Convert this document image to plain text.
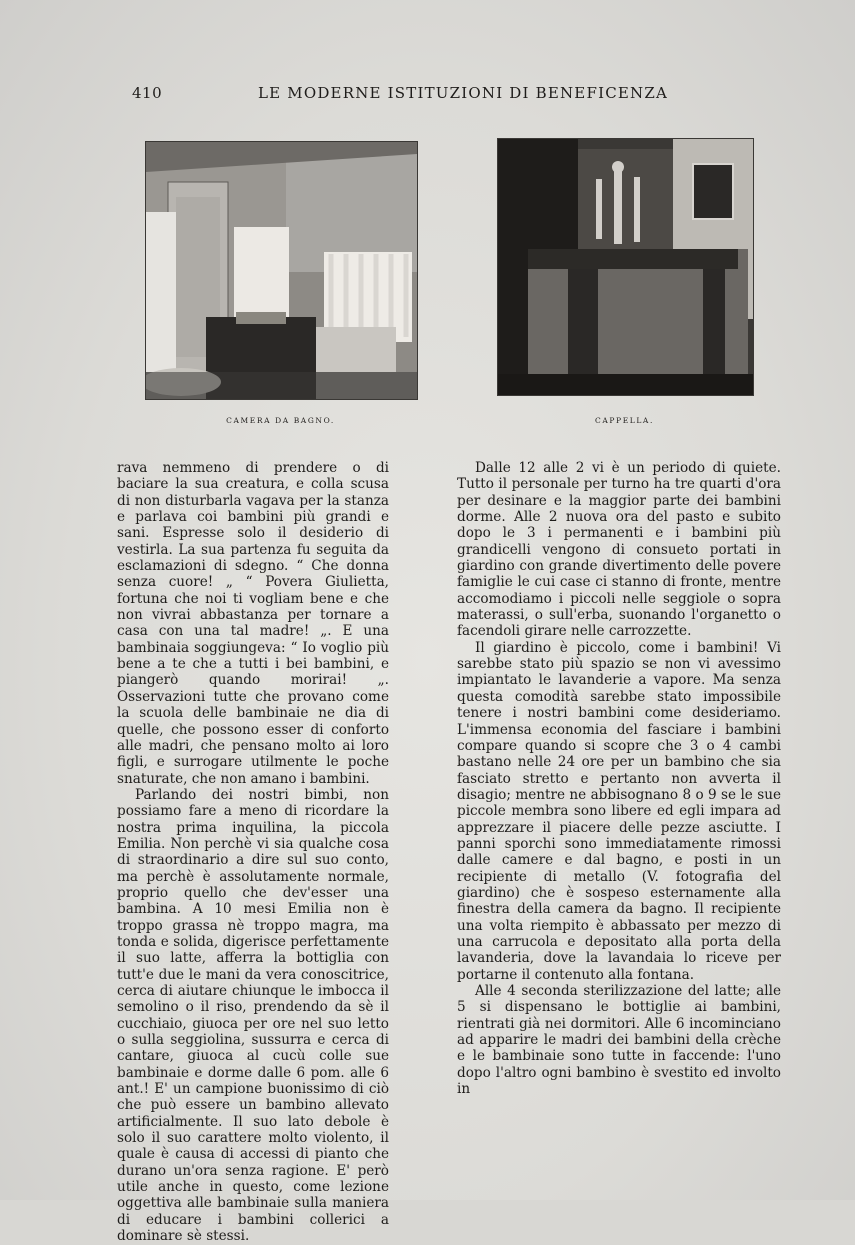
410	LE MODERNE ISTITUZIONI DI BENEFICENZA
CAMERA DA BAGNO.	CAPPELLA.

rava nemmeno di prendere o di baciare la sua creatura, e colla scusa di non disturbarla vagava per la stanza e parlava coi bambini più grandi e sani. Espresse solo il desiderio di vestirla. La sua partenza fu seguita da esclamazioni di sdegno. “ Che donna senza cuore! „ “ Povera Giulietta, fortuna che noi ti vogliam bene e che non vivrai abbastanza per tornare a casa con una tal madre! „. E una bambinaia soggiungeva: “ Io voglio più bene a te che a tutti i bei bambini, e piangerò quando morirai! „. Osservazioni tutte che provano come la scuola delle bambinaie ne dia di quelle, che possono esser di conforto alle madri, che pensano molto ai loro figli, e surrogare utilmente le poche snaturate, che non amano i bambini.

Parlando dei nostri bimbi, non possiamo fare a meno di ricordare la nostra prima inquilina, la piccola Emilia. Non perchè vi sia qualche cosa di straordinario a dire sul suo conto, ma perchè è assolutamente normale, proprio quello che dev'esser una bambina. A 10 mesi Emilia non è troppo grassa nè troppo magra, ma tonda e solida, digerisce perfettamente il suo latte, afferra la bottiglia con tutt'e due le mani da vera conoscitrice, cerca di aiutare chiunque le imbocca il semolino o il riso, prendendo da sè il cucchiaio, giuoca per ore nel suo letto o sulla seggiolina, sussurra e cerca di cantare, giuoca al cucù colle sue bambinaie e dorme dalle 6 pom. alle 6 ant.! E' un campione buonissimo di ciò che può essere un bambino allevato artificialmente. Il suo lato debole è solo il suo carattere molto violento, il quale è causa di accessi di pianto che durano un'ora senza ragione. E' però utile anche in questo, come lezione oggettiva alle bambinaie sulla maniera di educare i bambini collerici a dominare sè stessi.

Dalle 12 alle 2 vi è un periodo di quiete. Tutto il personale per turno ha tre quarti d'ora per desinare e la maggior parte dei bambini dorme. Alle 2 nuova ora del pasto e subito dopo le 3 i permanenti e i bambini più grandicelli vengono di consueto portati in giardino con grande divertimento delle povere famiglie le cui case ci stanno di fronte, mentre accomodiamo i piccoli nelle seggiole o sopra materassi, o sull'erba, suonando l'organetto o facendoli girare nelle carrozzette.

Il giardino è piccolo, come i bambini! Vi sarebbe stato più spazio se non vi avessimo impiantato le lavanderie a vapore. Ma senza questa comodità sarebbe stato impossibile tenere i nostri bambini come desideriamo. L'immensa economia del fasciare i bambini compare quando si scopre che 3 o 4 cambi bastano nelle 24 ore per un bambino che sia fasciato stretto e pertanto non avverta il disagio; mentre ne abbisognano 8 o 9 se le sue piccole membra sono libere ed egli impara ad apprezzare il piacere delle pezze asciutte. I panni sporchi sono immediatamente rimossi dalle camere e dal bagno, e posti in un recipiente di metallo (V. fotografia del giardino) che è sospeso esternamente alla finestra della camera da bagno. Il recipiente una volta riempito è abbassato per mezzo di una carrucola e depositato alla porta della lavanderia, dove la lavandaia lo riceve per portarne il contenuto alla fontana.

Alle 4 seconda sterilizzazione del latte; alle 5 si dispensano le bottiglie ai bambini, rientrati già nei dormitori. Alle 6 incominciano ad apparire le madri dei bambini della crèche e le bambinaie sono tutte in faccende: l'uno dopo l'altro ogni bambino è svestito ed involto in
